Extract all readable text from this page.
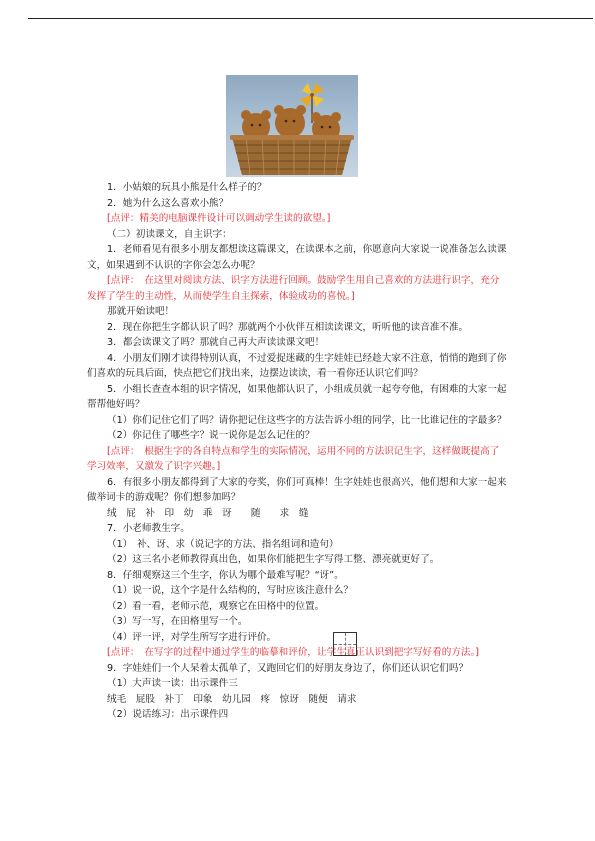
1．小姑娘的玩具小熊是什么样子的？

2．她为什么这么喜欢小熊？

[点评：精美的电脑课件设计可以调动学生读的欲望。]

（二）初读课文，自主识字：

1．老师看见有很多小朋友都想读这篇课文，在读课本之前，你愿意向大家说一说准备怎么读课文，如果遇到不认识的字你会怎么办呢？

[点评：　在这里对阅读方法、识字方法进行回顾。鼓励学生用自己喜欢的方法进行识字，充分发挥了学生的主动性，从而使学生自主探索，体验成功的喜悦。]

那就开始读吧！

2．现在你把生字都认识了吗？那就两个小伙伴互相读读课文，听听他的读音准不准。

3．都会读课文了吗？那就自己再大声读读课文吧！

4．小朋友们刚才读得特别认真，不过爱捉迷藏的生字娃娃已经趁大家不注意，悄悄的跑到了你们喜欢的玩具后面，快点把它们找出来，边摆边读读，看一看你还认识它们吗？

5．小组长查查本组的识字情况，如果他都认识了，小组成员就一起夸夸他，有困难的大家一起帮帮他好吗？

（1）你们记住它们了吗？请你把记住这些字的方法告诉小组的同学，比一比谁记住的字最多？

（2）你记住了哪些字？说一说你是怎么记住的？

[点评：　根据生字的各自特点和学生的实际情况，运用不同的方法识记生字，这样做既提高了学习效率，又激发了识字兴趣。]

6．有很多小朋友都得到了大家的夸奖，你们可真棒！生字娃娃也很高兴，他们想和大家一起来做举词卡的游戏呢？你们想参加吗？

绒　屁　补　印　幼　乖　讶　　随　　求　缝

7．小老师教生字。

（1）　补、讶、求（说记字的方法、指名组词和造句）

（2）这三名小老师教得真出色，如果你们能把生字写得工整、漂亮就更好了。

8．仔细观察这三个生字，你认为哪个最难写呢？“讶”。

（1）说一说，这个字是什么结构的，写时应该注意什么？

（2）看一看，老师示范，观察它在田格中的位置。

（3）写一写，在田格里写一个。

（4）评一评，对学生所写字进行评价。

[点评：　在写字的过程中通过学生的临摹和评价，让学生真正认识到把字写好看的方法。]

9．字娃娃们一个人呆着太孤单了，又跑回它们的好朋友身边了，你们还认识它们吗？

（1）大声读一读：出示课件三

绒毛　屁股　补丁　印象　幼儿园　疼　惊讶　随便　请求

（2）说话练习：出示课件四
